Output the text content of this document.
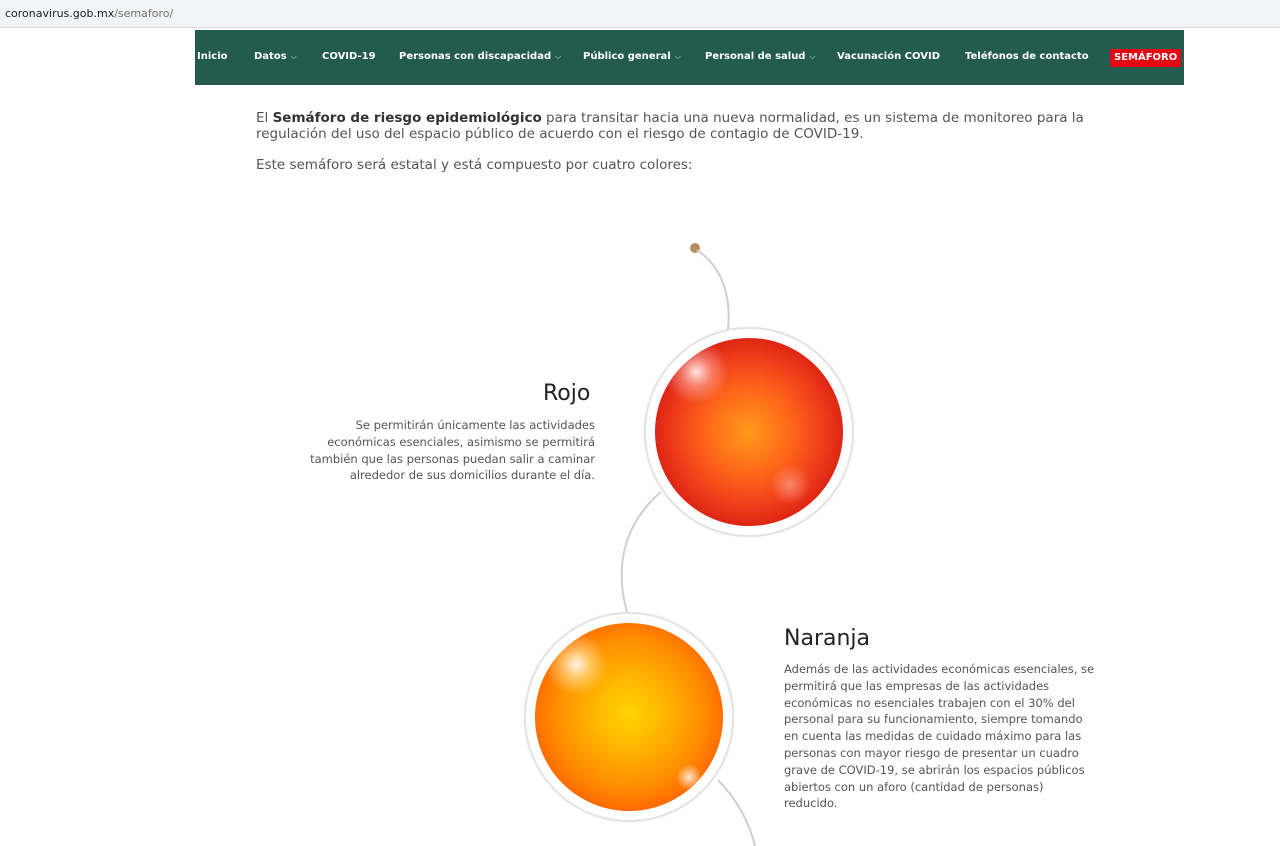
coronavirus.gob.mx/semaforo/
Inicio	Datos ⌵	COVID-19 Personas con discapacidad ⌵ Público general ⌵ Personal de salud ⌵ Vacunación COVID Teléfonos de contacto	SEMÁFORO

El Semáforo de riesgo epidemiológico para transitar hacia una nueva normalidad, es un sistema de monitoreo para la regulación del uso del espacio público de acuerdo con el riesgo de contagio de COVID-19.

Este semáforo será estatal y está compuesto por cuatro colores:

Rojo

Se permitirán únicamente las actividades económicas esenciales, asimismo se permitirá también que las personas puedan salir a caminar alrededor de sus domicilios durante el día.

Naranja

Además de las actividades económicas esenciales, se permitirá que las empresas de las actividades económicas no esenciales trabajen con el 30% del personal para su funcionamiento, siempre tomando en cuenta las medidas de cuidado máximo para las personas con mayor riesgo de presentar un cuadro grave de COVID-19, se abrirán los espacios públicos abiertos con un aforo (cantidad de personas) reducido.
